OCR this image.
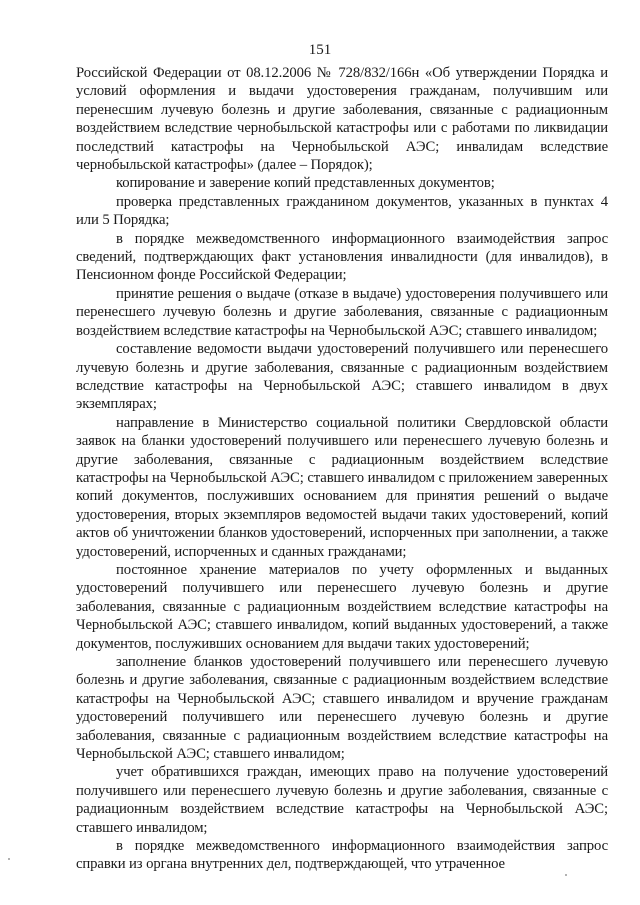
151

Российской Федерации от 08.12.2006 № 728/832/166н «Об утверждении Порядка и условий оформления и выдачи удостоверения гражданам, получившим или перенесшим лучевую болезнь и другие заболевания, связанные с радиационным воздействием вследствие чернобыльской катастрофы или с работами по ликвидации последствий катастрофы на Чернобыльской АЭС; инвалидам вследствие чернобыльской катастрофы» (далее – Порядок);

копирование и заверение копий представленных документов;

проверка представленных гражданином документов, указанных в пунктах 4 или 5 Порядка;

в порядке межведомственного информационного взаимодействия запрос сведений, подтверждающих факт установления инвалидности (для инвалидов), в Пенсионном фонде Российской Федерации;

принятие решения о выдаче (отказе в выдаче) удостоверения получившего или перенесшего лучевую болезнь и другие заболевания, связанные с радиационным воздействием вследствие катастрофы на Чернобыльской АЭС; ставшего инвалидом;

составление ведомости выдачи удостоверений получившего или перенесшего лучевую болезнь и другие заболевания, связанные с радиационным воздействием вследствие катастрофы на Чернобыльской АЭС; ставшего инвалидом в двух экземплярах;

направление в Министерство социальной политики Свердловской области заявок на бланки удостоверений получившего или перенесшего лучевую болезнь и другие заболевания, связанные с радиационным воздействием вследствие катастрофы на Чернобыльской АЭС; ставшего инвалидом с приложением заверенных копий документов, послуживших основанием для принятия решений о выдаче удостоверения, вторых экземпляров ведомостей выдачи таких удостоверений, копий актов об уничтожении бланков удостоверений, испорченных при заполнении, а также удостоверений, испорченных и сданных гражданами;

постоянное хранение материалов по учету оформленных и выданных удостоверений получившего или перенесшего лучевую болезнь и другие заболевания, связанные с радиационным воздействием вследствие катастрофы на Чернобыльской АЭС; ставшего инвалидом, копий выданных удостоверений, а также документов, послуживших основанием для выдачи таких удостоверений;

заполнение бланков удостоверений получившего или перенесшего лучевую болезнь и другие заболевания, связанные с радиационным воздействием вследствие катастрофы на Чернобыльской АЭС; ставшего инвалидом и вручение гражданам удостоверений получившего или перенесшего лучевую болезнь и другие заболевания, связанные с радиационным воздействием вследствие катастрофы на Чернобыльской АЭС; ставшего инвалидом;

учет обратившихся граждан, имеющих право на получение удостоверений получившего или перенесшего лучевую болезнь и другие заболевания, связанные с радиационным воздействием вследствие катастрофы на Чернобыльской АЭС; ставшего инвалидом;

в порядке межведомственного информационного взаимодействия запрос справки из органа внутренних дел, подтверждающей, что утраченное
